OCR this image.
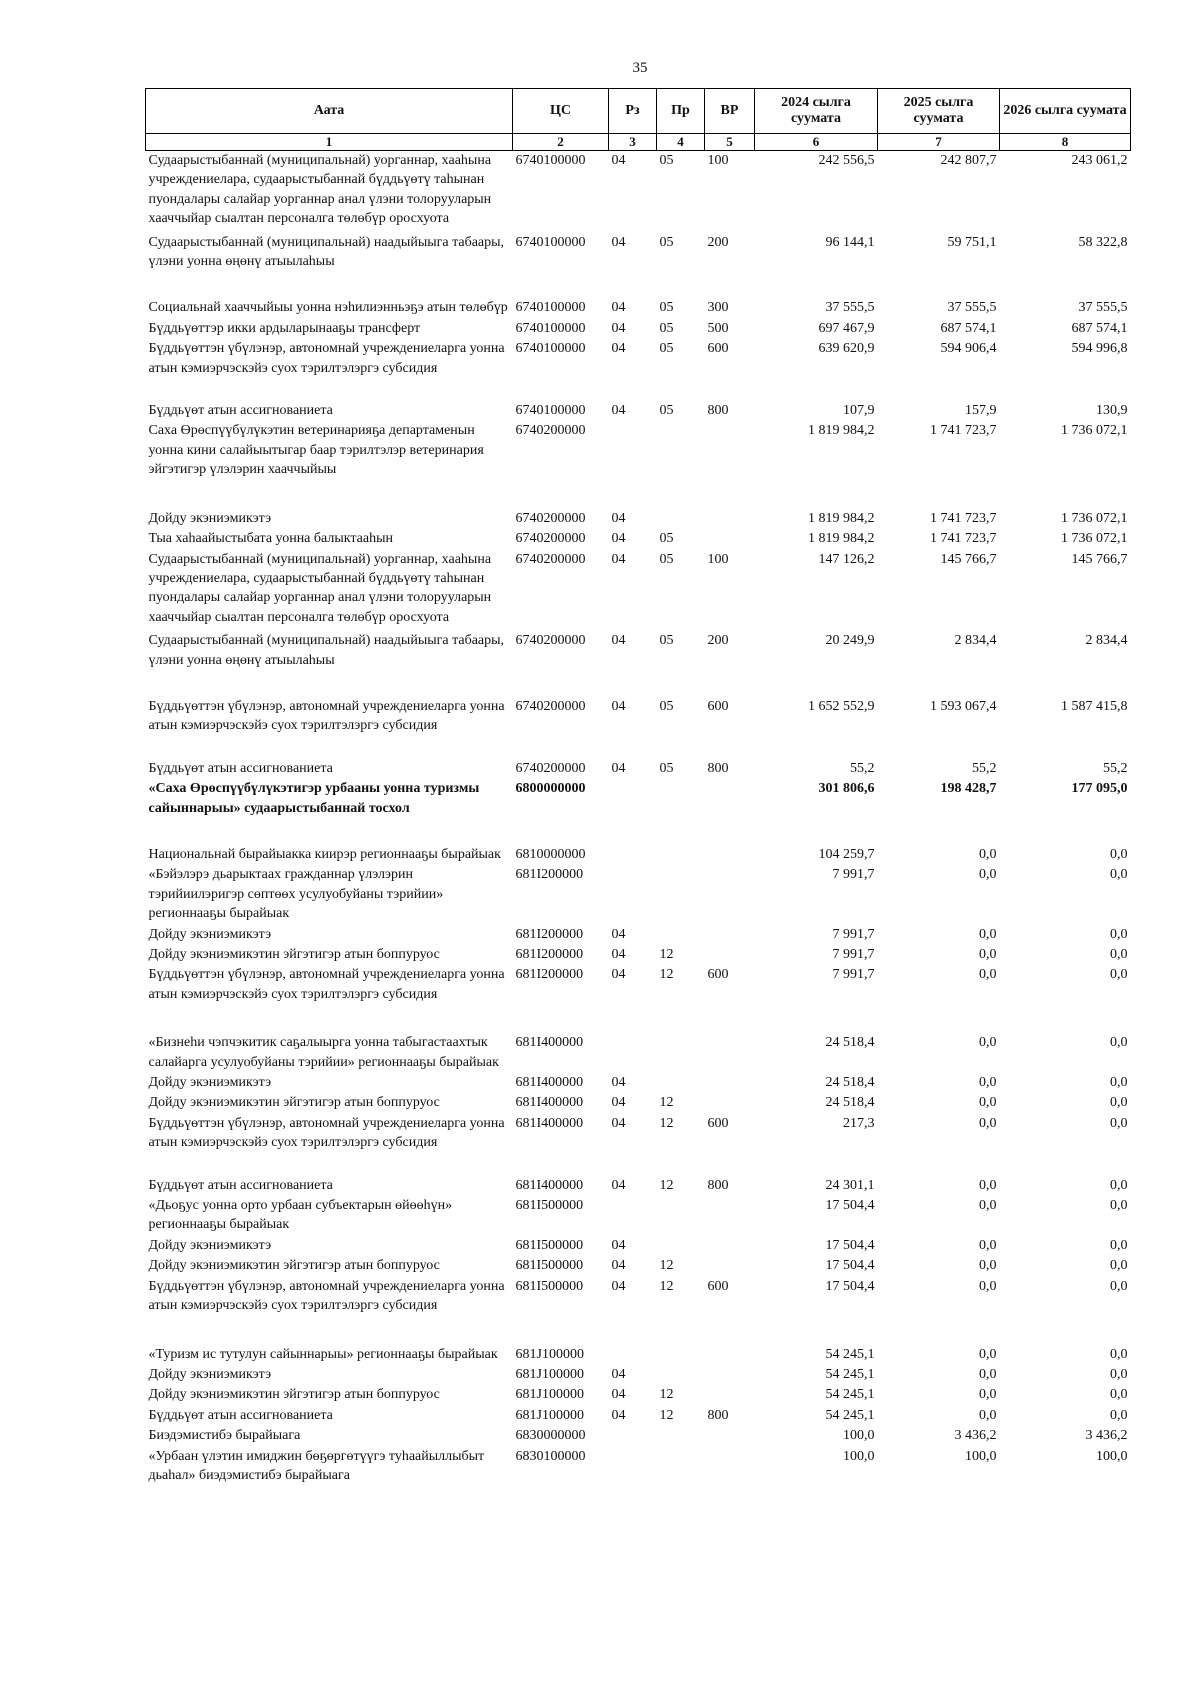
35
Аата	ЦС	Рз	Пр	ВР	2024 сылга суумата	2025 сылга суумата	2026 сылга суумата
1	2	3	4	5	6	7	8
Судаарыстыбаннай (муниципальнай) уорганнар, хааһына учреждениелара, судаарыстыбаннай бүддьүөтү таһынан пуондалары салайар уорганнар анал үлэни толорууларын хааччыйар сыалтан персоналга төлөбүр оросхуота	6740100000	04	05	100	242 556,5	242 807,7	243 061,2
Судаарыстыбаннай (муниципальнай) наадыйыыга табаары, үлэни уонна өңөнү атыылаһыы	6740100000	04	05	200	96 144,1	59 751,1	58 322,8
Социальнай хааччыйыы уонна нэһилиэнньэҕэ атын төлөбүр	6740100000	04	05	300	37 555,5	37 555,5	37 555,5
Бүддьүөттэр икки ардыларынааҕы трансферт	6740100000	04	05	500	697 467,9	687 574,1	687 574,1
Бүддьүөттэн үбүлэнэр, автономнай учреждениеларга уонна атын кэмиэрчэскэйэ суох тэрилтэлэргэ субсидия	6740100000	04	05	600	639 620,9	594 906,4	594 996,8
Бүддьүөт атын ассигнованиета	6740100000	04	05	800	107,9	157,9	130,9
Саха Өрөспүүбүлүкэтин ветеринарияҕа департаменын уонна кини салайыытыгар баар тэрилтэлэр ветеринария эйгэтигэр үлэлэрин хааччыйыы	6740200000				1 819 984,2	1 741 723,7	1 736 072,1
Дойду экэниэмикэтэ	6740200000	04			1 819 984,2	1 741 723,7	1 736 072,1
Тыа хаһаайыстыбата уонна балыктааһын	6740200000	04	05		1 819 984,2	1 741 723,7	1 736 072,1
Судаарыстыбаннай (муниципальнай) уорганнар, хааһына учреждениелара, судаарыстыбаннай бүддьүөтү таһынан пуондалары салайар уорганнар анал үлэни толорууларын хааччыйар сыалтан персоналга төлөбүр оросхуота	6740200000	04	05	100	147 126,2	145 766,7	145 766,7
Судаарыстыбаннай (муниципальнай) наадыйыыга табаары, үлэни уонна өңөнү атыылаһыы	6740200000	04	05	200	20 249,9	2 834,4	2 834,4
Бүддьүөттэн үбүлэнэр, автономнай учреждениеларга уонна атын кэмиэрчэскэйэ суох тэрилтэлэргэ субсидия	6740200000	04	05	600	1 652 552,9	1 593 067,4	1 587 415,8
Бүддьүөт атын ассигнованиета	6740200000	04	05	800	55,2	55,2	55,2
«Саха Өрөспүүбүлүкэтигэр урбааны уонна туризмы сайыннарыы» судаарыстыбаннай тосхол	6800000000				301 806,6	198 428,7	177 095,0
Национальнай бырайыакка киирэр регионнааҕы бырайыак	6810000000				104 259,7	0,0	0,0
«Бэйэлэрэ дьарыктаах гражданнар үлэлэрин тэрийиилэригэр сөптөөх усулуобуйаны тэрийии» регионнааҕы бырайыак	681I200000				7 991,7	0,0	0,0
Дойду экэниэмикэтэ	681I200000	04			7 991,7	0,0	0,0
Дойду экэниэмикэтин эйгэтигэр атын боппуруос	681I200000	04	12		7 991,7	0,0	0,0
Бүддьүөттэн үбүлэнэр, автономнай учреждениеларга уонна атын кэмиэрчэскэйэ суох тэрилтэлэргэ субсидия	681I200000	04	12	600	7 991,7	0,0	0,0
«Бизнеһи чэпчэкитик саҕалыырга уонна табыгастаахтык салайарга усулуобуйаны тэрийии» регионнааҕы бырайыак	681I400000				24 518,4	0,0	0,0
Дойду экэниэмикэтэ	681I400000	04			24 518,4	0,0	0,0
Дойду экэниэмикэтин эйгэтигэр атын боппуруос	681I400000	04	12		24 518,4	0,0	0,0
Бүддьүөттэн үбүлэнэр, автономнай учреждениеларга уонна атын кэмиэрчэскэйэ суох тэрилтэлэргэ субсидия	681I400000	04	12	600	217,3	0,0	0,0
Бүддьүөт атын ассигнованиета	681I400000	04	12	800	24 301,1	0,0	0,0
«Дьоҕус уонна орто урбаан субъектарын өйөөһүн» регионнааҕы бырайыак	681I500000				17 504,4	0,0	0,0
Дойду экэниэмикэтэ	681I500000	04			17 504,4	0,0	0,0
Дойду экэниэмикэтин эйгэтигэр атын боппуруос	681I500000	04	12		17 504,4	0,0	0,0
Бүддьүөттэн үбүлэнэр, автономнай учреждениеларга уонна атын кэмиэрчэскэйэ суох тэрилтэлэргэ субсидия	681I500000	04	12	600	17 504,4	0,0	0,0
«Туризм ис тутулун сайыннарыы» регионнааҕы бырайыак	681J100000				54 245,1	0,0	0,0
Дойду экэниэмикэтэ	681J100000	04			54 245,1	0,0	0,0
Дойду экэниэмикэтин эйгэтигэр атын боппуруос	681J100000	04	12		54 245,1	0,0	0,0
Бүддьүөт атын ассигнованиета	681J100000	04	12	800	54 245,1	0,0	0,0
Биэдэмистибэ бырайыага	6830000000				100,0	3 436,2	3 436,2
«Урбаан үлэтин имиджин бөҕөргөтүүгэ туһаайыллыбыт дьаһал» биэдэмистибэ бырайыага	6830100000				100,0	100,0	100,0
